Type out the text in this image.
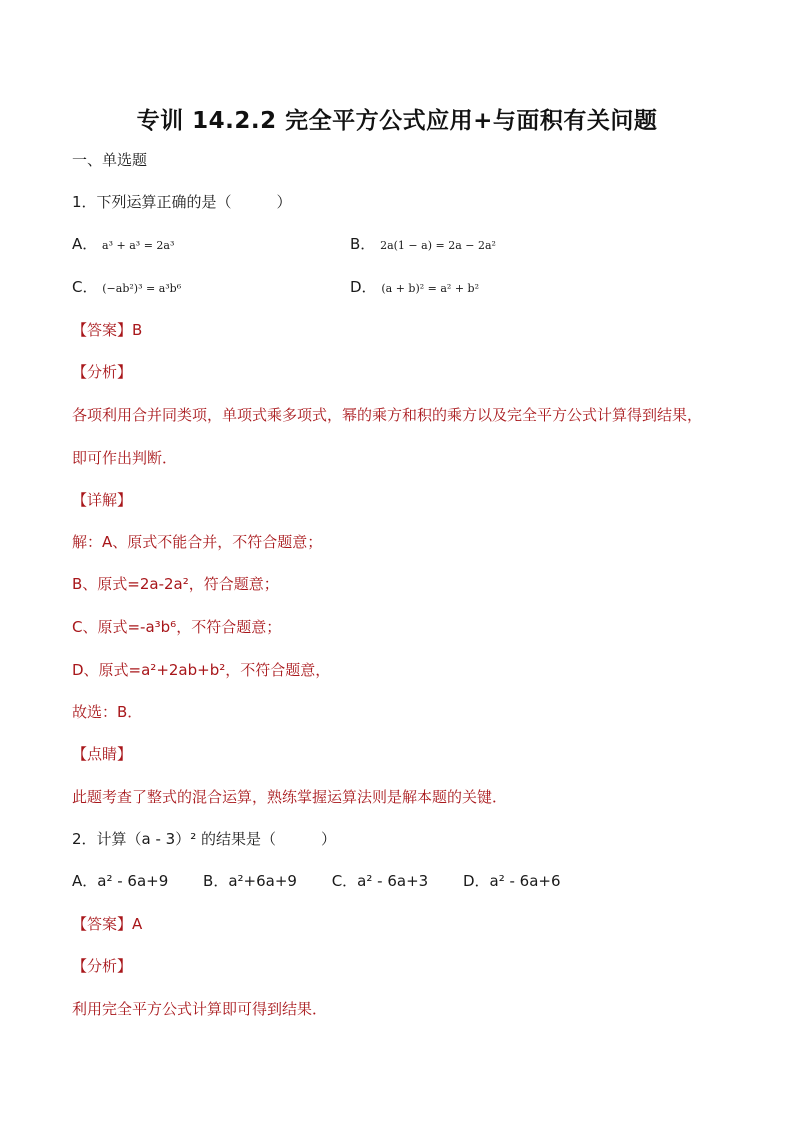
专训 14.2.2 完全平方公式应用+与面积有关问题
一、单选题
1．下列运算正确的是（　　　）
A． a³ + a³ = 2a³	B． 2a(1 − a) = 2a − 2a²
C． (−ab²)³ = a³b⁶	D． (a + b)² = a² + b²
【答案】B
【分析】
各项利用合并同类项，单项式乘多项式，幂的乘方和积的乘方以及完全平方公式计算得到结果，
即可作出判断．
【详解】
解：A、原式不能合并，不符合题意；
B、原式=2a-2a²，符合题意；
C、原式=-a³b⁶，不符合题意；
D、原式=a²+2ab+b²，不符合题意，
故选：B．
【点睛】
此题考查了整式的混合运算，熟练掌握运算法则是解本题的关键．
2．计算（a - 3）² 的结果是（　　　）
A．a² - 6a+9　　 B．a²+6a+9　　 C．a² - 6a+3　　 D．a² - 6a+6
【答案】A
【分析】
利用完全平方公式计算即可得到结果．
